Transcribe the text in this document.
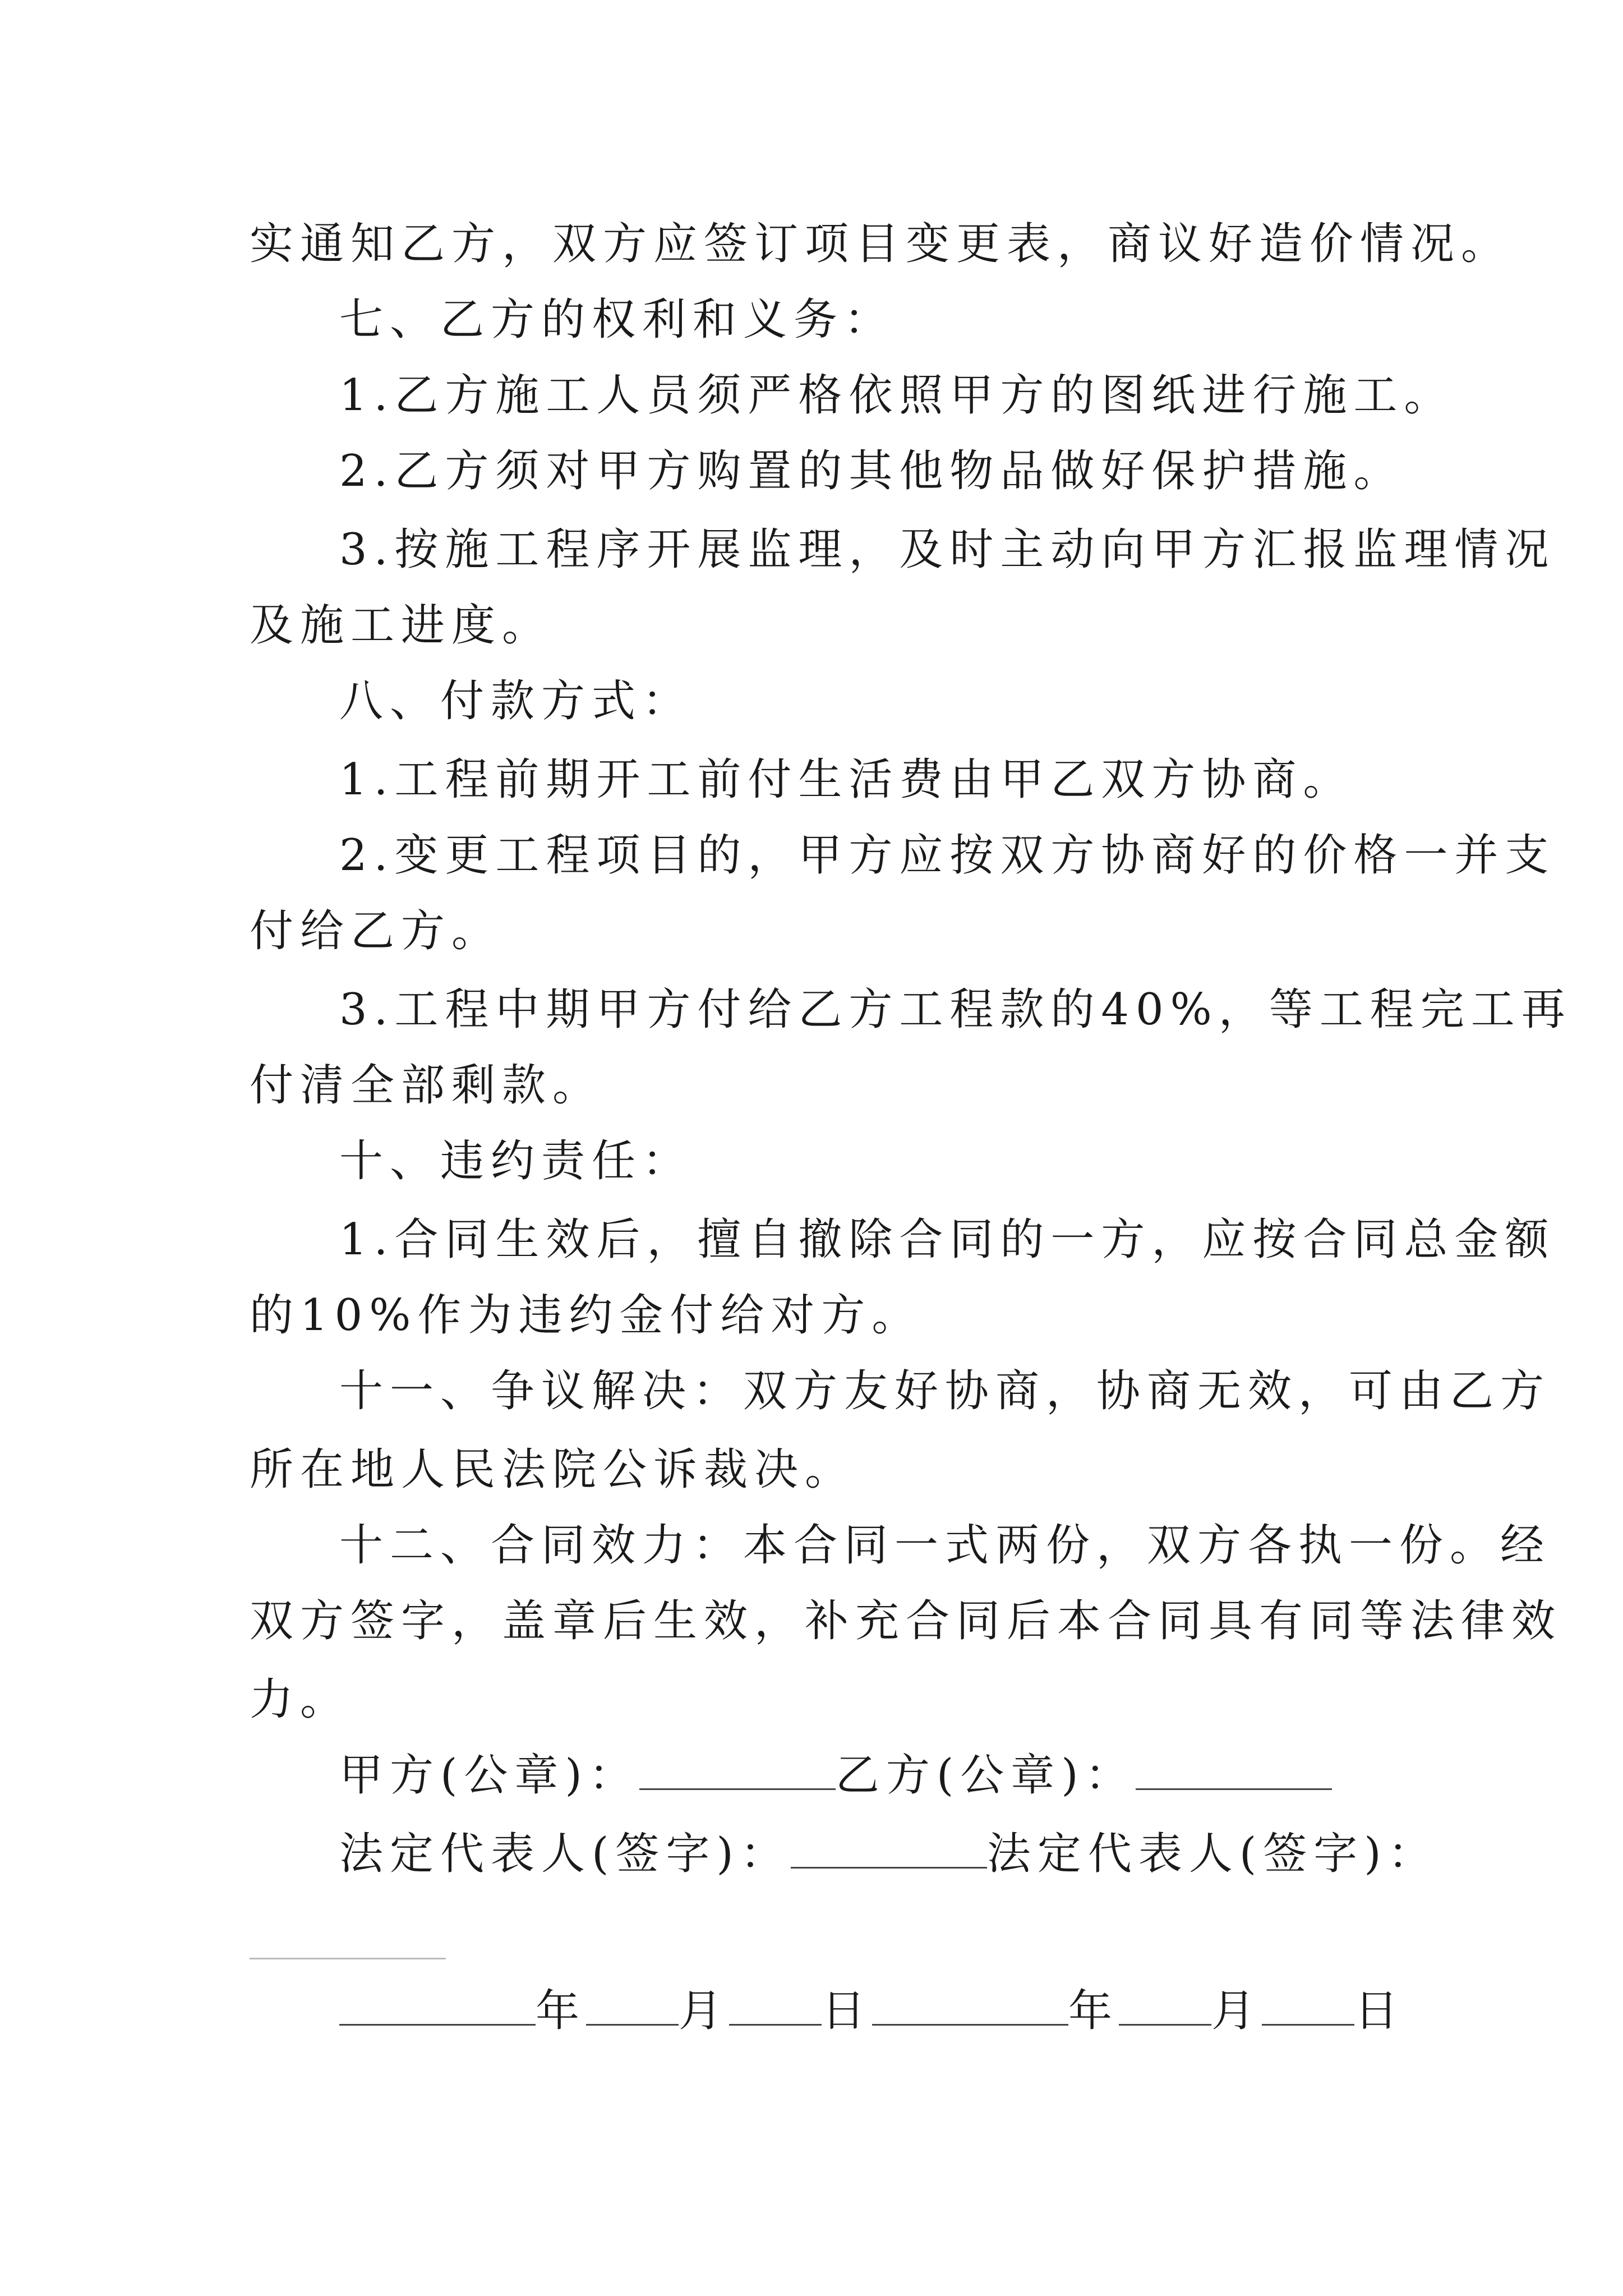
实通知乙方，双方应签订项目变更表，商议好造价情况。
七、乙方的权利和义务：
1.乙方施工人员须严格依照甲方的图纸进行施工。
2.乙方须对甲方购置的其他物品做好保护措施。
3.按施工程序开展监理，及时主动向甲方汇报监理情况
及施工进度。
八、付款方式：
1.工程前期开工前付生活费由甲乙双方协商。
2.变更工程项目的，甲方应按双方协商好的价格一并支
付给乙方。
3.工程中期甲方付给乙方工程款的40%，等工程完工再
付清全部剩款。
十、违约责任：
1.合同生效后，擅自撤除合同的一方，应按合同总金额
的10%作为违约金付给对方。
十一、争议解决：双方友好协商，协商无效，可由乙方
所在地人民法院公诉裁决。
十二、合同效力：本合同一式两份，双方各执一份。经
双方签字，盖章后生效，补充合同后本合同具有同等法律效
力。
甲方(公章)：	乙方(公章)：
法定代表人(签字)：	法定代表人(签字)：
年 月 日	年 月 日
